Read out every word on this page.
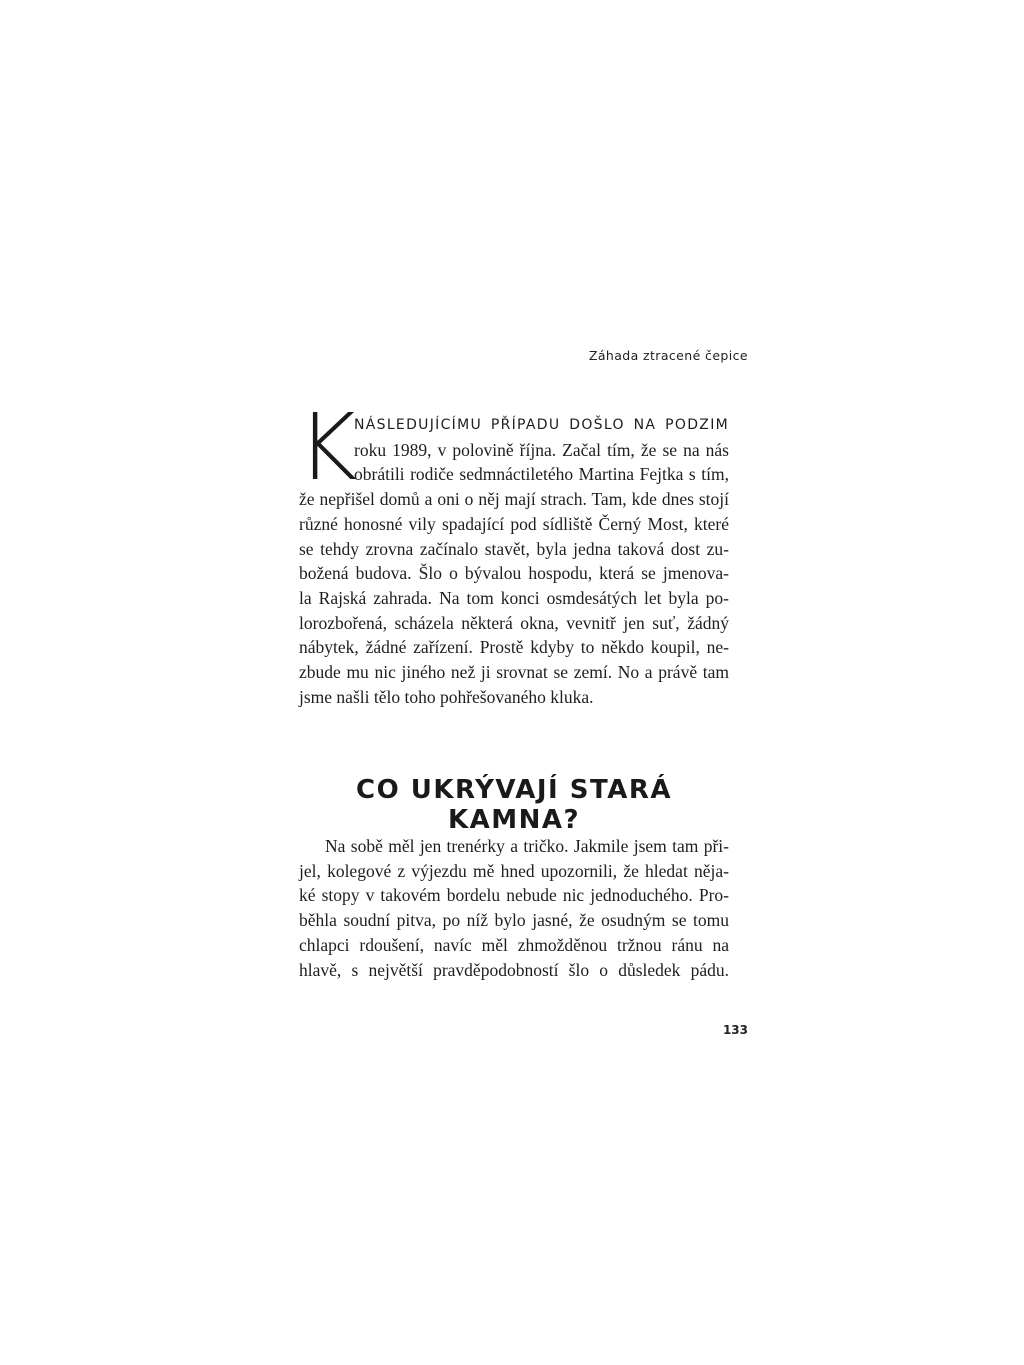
Záhada ztracené čepice
K
NÁSLEDUJÍCÍMU PŘÍPADU DOŠLO NA PODZIM
roku 1989, v polovině října. Začal tím, že se na nás
obrátili rodiče sedmnáctiletého Martina Fejtka s tím,
že nepřišel domů a oni o něj mají strach. Tam, kde dnes stojí
různé honosné vily spadající pod sídliště Černý Most, které
se tehdy zrovna začínalo stavět, byla jedna taková dost zu-
božená budova. Šlo o bývalou hospodu, která se jmenova-
la Rajská zahrada. Na tom konci osmdesátých let byla po-
lorozbořená, scházela některá okna, vevnitř jen suť, žádný
nábytek, žádné zařízení. Prostě kdyby to někdo koupil, ne-
zbude mu nic jiného než ji srovnat se zemí. No a právě tam
jsme našli tělo toho pohřešovaného kluka.
CO UKRÝVAJÍ STARÁ KAMNA?
Na sobě měl jen trenérky a tričko. Jakmile jsem tam při-
jel, kolegové z výjezdu mě hned upozornili, že hledat něja-
ké stopy v takovém bordelu nebude nic jednoduchého. Pro-
běhla soudní pitva, po níž bylo jasné, že osudným se tomu
chlapci rdoušení, navíc měl zhmožděnou tržnou ránu na
hlavě, s největší pravděpodobností šlo o důsledek pádu.
133
